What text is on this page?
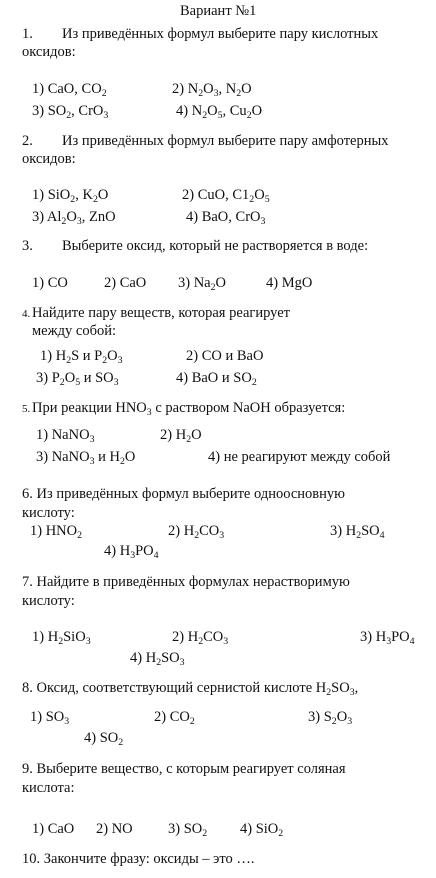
Вариант №1
1. Из приведённых формул выберите пару кислотных
оксидов:
1) CaO, $CO_2$	2) $N_2O_3$, $N_2O$
3) $SO_2$, CrO$_3$	4) $N_2O_5$, $Cu_2O$
2. Из приведённых формул выберите пару амфотерных
оксидов:
1) SiO$_2$, $K_2O$	2) CuO, $C1_2O_5$
3) $Al_2O_3$, ZnO	4) BaO, CrO$_3$
3. Выберите оксид, который не растворяется в воде:
1) CO 2) CaO 3) $Na_2O$	4) MgO
4. Найдите пару веществ, которая реагирует
между собой:
1) $H_2S$ и $P_2O_3$	2) CO и BaO
3) $P_2O_5$ и $SO_3$	4) BaO и $SO_2$
5. При реакции $HNO_3$ с раствором NaOH образуется:
1) NaNO$_3$	2) $H_2O$
3) NaNO$_3$ и $H_2O$	4) не реагируют между собой
6. Из приведённых формул выберите одноосновную
кислоту:
1) $HNO_2$	2) $H_2CO_3$	3) $H_2SO_4$
4) $H_3PO_4$
7. Найдите в приведённых формулах нерастворимую
кислоту:
1) $H_2SiO_3$	2) $H_2CO_3$	3) $H_3PO_4$
4) $H_2SO_3$
8. Оксид, соответствующий сернистой кислоте $H_2SO_3$,
1) $SO_3$	2) $CO_2$	3) $S_2O_3$
4) $SO_2$
9. Выберите вещество, с которым реагирует соляная
кислота:
1) CaO 2) NO 3) $SO_2$ 4) SiO$_2$
10. Закончите фразу: оксиды – это ….
